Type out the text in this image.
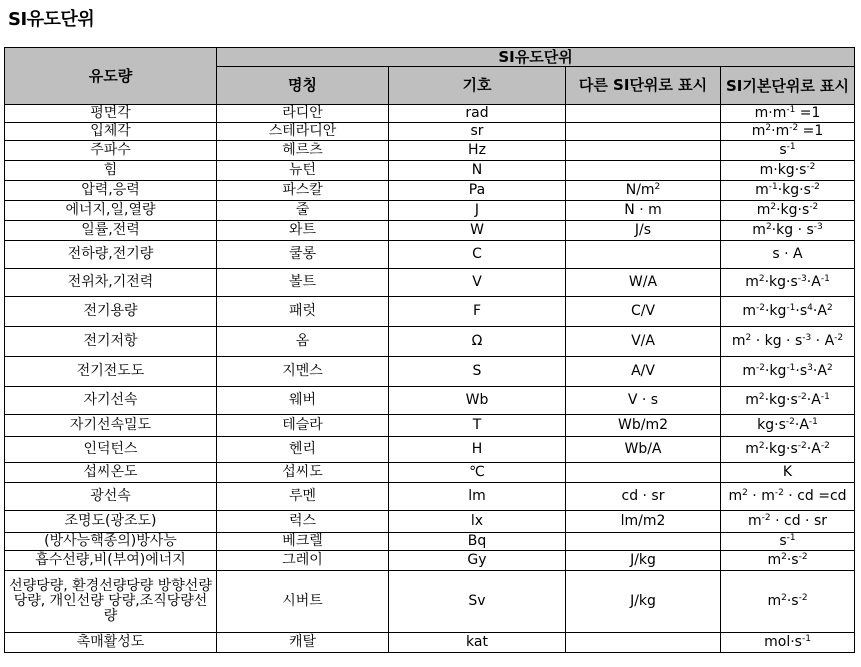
SI유도단위
유도량	SI유도단위			
	명칭	기호	다른 SI단위로 표시	SI기본단위로 표시
평면각	라디안	rad		$m\cdot m^{-1} =1$
입체각	스테라디안	sr		$m^2\cdot m^{-2} =1$
주파수	헤르츠	Hz		$s^{-1}$
힘	뉴턴	N		$m\cdot kg\cdot s^{-2}$
압력,응력	파스칼	Pa	$N/m^2$	$m^{-1}\cdot kg\cdot s^{-2}$
에너지,일,열량	줄	J	N · m	$m^2\cdot kg\cdot s^{-2}$
일률,전력	와트	W	J/s	$m^2\cdot kg \cdot s^{-3}$
전하량,전기량	쿨롱	C		s · A
전위차,기전력	볼트	V	W/A	$m^2\cdot kg\cdot s^{-3}\cdot A^{-1}$
전기용량	패럿	F	C/V	$m^{-2}\cdot kg^{-1}\cdot s^4\cdot A^2$
전기저항	옴	Ω	V/A	$m^2$ · kg · $s^{-3} \cdot A^{-2}$
전기전도도	지멘스	S	A/V	$m^{-2}\cdot kg^{-1}\cdot s^3\cdot A^2$
자기선속	웨버	Wb	V · s	$m^2\cdot kg\cdot s^{-2}\cdot A^{-1}$
자기선속밀도	테슬라	T	Wb/m2	$kg\cdot s^{-2}\cdot A^{-1}$
인덕턴스	헨리	H	Wb/A	$m^2\cdot kg\cdot s^{-2}\cdot A^{-2}$
섭씨온도	섭씨도	℃		K
광선속	루멘	lm	cd · sr	$m^2 \cdot m^{-2}$ · cd =cd
조명도(광조도)	럭스	lx	lm/m2	$m^{-2}$ · cd · sr
(방사능핵종의)방사능	베크렐	Bq		$s^{-1}$
흡수선량,비(부여)에너지	그레이	Gy	J/kg	$m^2\cdot s^{-2}$
선량당량, 환경선량당량 방향선량당량, 개인선량 당량,조직당량선량	시버트	Sv	J/kg	$m^2\cdot s^{-2}$
촉매활성도	캐탈	kat		$mol\cdot s^{-1}$
